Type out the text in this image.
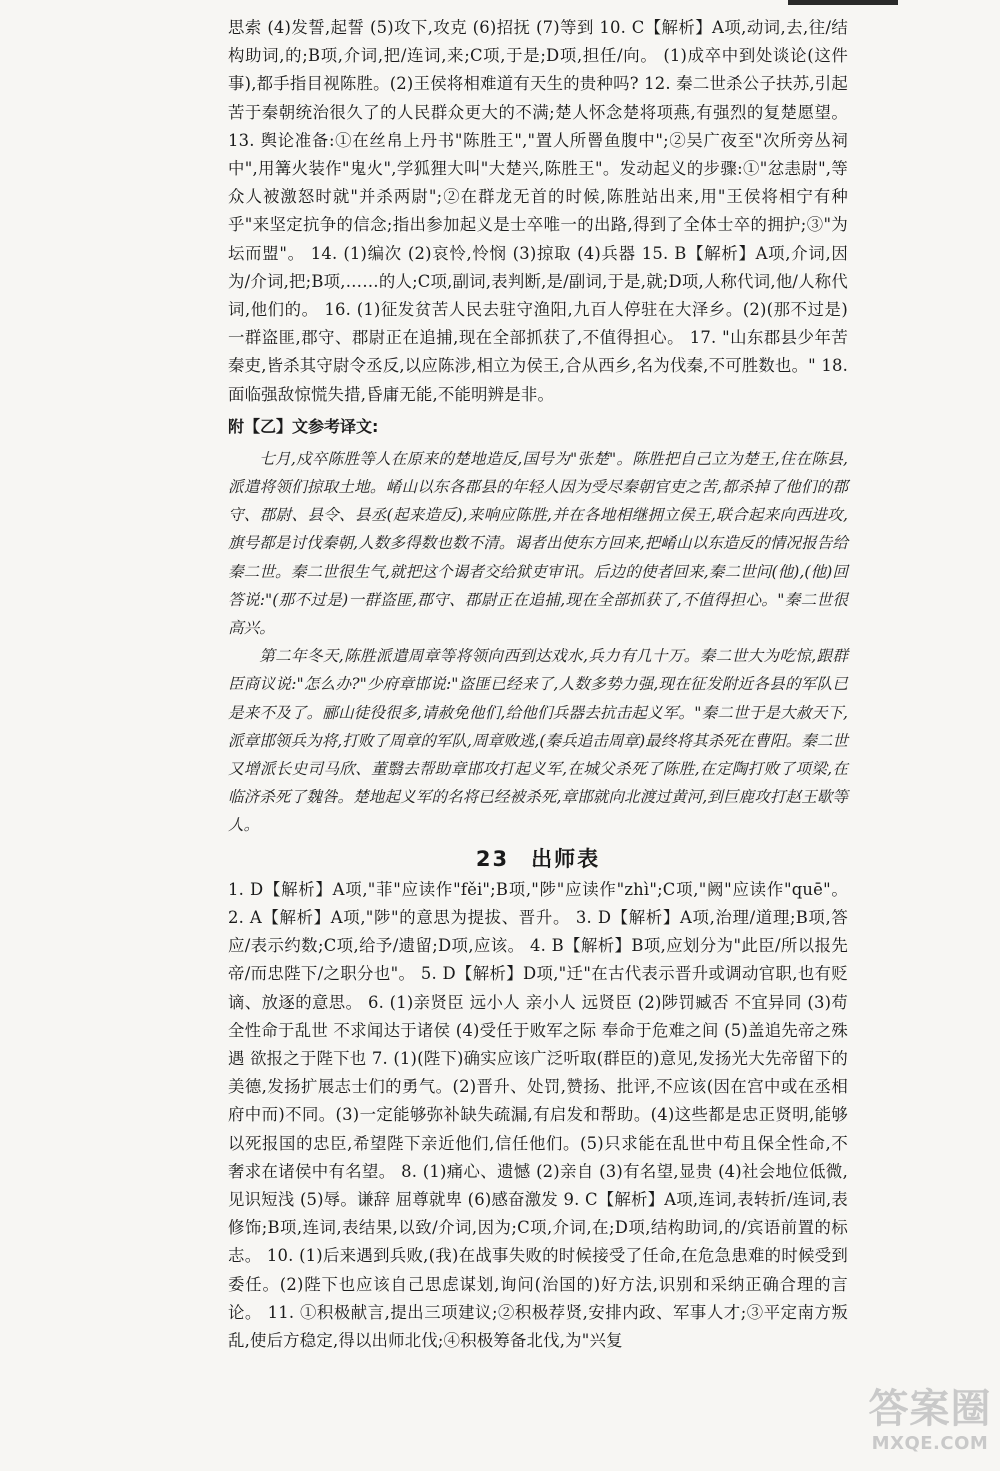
思索 (4)发誓,起誓 (5)攻下,攻克 (6)招抚 (7)等到 10. C【解析】A项,动词,去,往/结构助词,的;B项,介词,把/连词,来;C项,于是;D项,担任/向。 (1)成卒中到处谈论(这件事),都手指目视陈胜。(2)王侯将相难道有天生的贵种吗? 12. 秦二世杀公子扶苏,引起苦于秦朝统治很久了的人民群众更大的不满;楚人怀念楚将项燕,有强烈的复楚愿望。 13. 舆论准备:①在丝帛上丹书"陈胜王","置人所罾鱼腹中";②吴广夜至"次所旁丛祠中",用篝火装作"鬼火",学狐狸大叫"大楚兴,陈胜王"。发动起义的步骤:①"忿恚尉",等众人被激怒时就"并杀两尉";②在群龙无首的时候,陈胜站出来,用"王侯将相宁有种乎"来坚定抗争的信念;指出参加起义是士卒唯一的出路,得到了全体士卒的拥护;③"为坛而盟"。 14. (1)编次 (2)哀怜,怜悯 (3)掠取 (4)兵器 15. B【解析】A项,介词,因为/介词,把;B项,……的人;C项,副词,表判断,是/副词,于是,就;D项,人称代词,他/人称代词,他们的。 16. (1)征发贫苦人民去驻守渔阳,九百人停驻在大泽乡。(2)(那不过是)一群盗匪,郡守、郡尉正在追捕,现在全部抓获了,不值得担心。 17. "山东郡县少年苦秦吏,皆杀其守尉令丞反,以应陈涉,相立为侯王,合从西乡,名为伐秦,不可胜数也。" 18. 面临强敌惊慌失措,昏庸无能,不能明辨是非。

附【乙】文参考译文:

七月,戍卒陈胜等人在原来的楚地造反,国号为"张楚"。陈胜把自己立为楚王,住在陈县,派遣将领们掠取土地。崤山以东各郡县的年轻人因为受尽秦朝官吏之苦,都杀掉了他们的郡守、郡尉、县令、县丞(起来造反),来响应陈胜,并在各地相继拥立侯王,联合起来向西进攻,旗号都是讨伐秦朝,人数多得数也数不清。谒者出使东方回来,把崤山以东造反的情况报告给秦二世。秦二世很生气,就把这个谒者交给狱吏审讯。后边的使者回来,秦二世问(他),(他)回答说:"(那不过是)一群盗匪,郡守、郡尉正在追捕,现在全部抓获了,不值得担心。"秦二世很高兴。

第二年冬天,陈胜派遣周章等将领向西到达戏水,兵力有几十万。秦二世大为吃惊,跟群臣商议说:"怎么办?"少府章邯说:"盗匪已经来了,人数多势力强,现在征发附近各县的军队已是来不及了。郦山徒役很多,请赦免他们,给他们兵器去抗击起义军。"秦二世于是大赦天下,派章邯领兵为将,打败了周章的军队,周章败逃,(秦兵追击周章)最终将其杀死在曹阳。秦二世又增派长史司马欣、董翳去帮助章邯攻打起义军,在城父杀死了陈胜,在定陶打败了项梁,在临济杀死了魏咎。楚地起义军的名将已经被杀死,章邯就向北渡过黄河,到巨鹿攻打赵王歇等人。

23 出师表

1. D【解析】A项,"菲"应读作"fěi";B项,"陟"应读作"zhì";C项,"阙"应读作"quē"。 2. A【解析】A项,"陟"的意思为提拔、晋升。 3. D【解析】A项,治理/道理;B项,答应/表示约数;C项,给予/遗留;D项,应该。 4. B【解析】B项,应划分为"此臣/所以报先帝/而忠陛下/之职分也"。 5. D【解析】D项,"迁"在古代表示晋升或调动官职,也有贬谪、放逐的意思。 6. (1)亲贤臣 远小人 亲小人 远贤臣 (2)陟罚臧否 不宜异同 (3)苟全性命于乱世 不求闻达于诸侯 (4)受任于败军之际 奉命于危难之间 (5)盖追先帝之殊遇 欲报之于陛下也 7. (1)(陛下)确实应该广泛听取(群臣的)意见,发扬光大先帝留下的美德,发扬扩展志士们的勇气。(2)晋升、处罚,赞扬、批评,不应该(因在宫中或在丞相府中而)不同。(3)一定能够弥补缺失疏漏,有启发和帮助。(4)这些都是忠正贤明,能够以死报国的忠臣,希望陛下亲近他们,信任他们。(5)只求能在乱世中苟且保全性命,不奢求在诸侯中有名望。 8. (1)痛心、遗憾 (2)亲自 (3)有名望,显贵 (4)社会地位低微,见识短浅 (5)辱。谦辞 屈尊就卑 (6)感奋激发 9. C【解析】A项,连词,表转折/连词,表修饰;B项,连词,表结果,以致/介词,因为;C项,介词,在;D项,结构助词,的/宾语前置的标志。 10. (1)后来遇到兵败,(我)在战事失败的时候接受了任命,在危急患难的时候受到委任。(2)陛下也应该自己思虑谋划,询问(治国的)好方法,识别和采纳正确合理的言论。 11. ①积极献言,提出三项建议;②积极荐贤,安排内政、军事人才;③平定南方叛乱,使后方稳定,得以出师北伐;④积极筹备北伐,为"兴复

答案圈
MXQE.COM
